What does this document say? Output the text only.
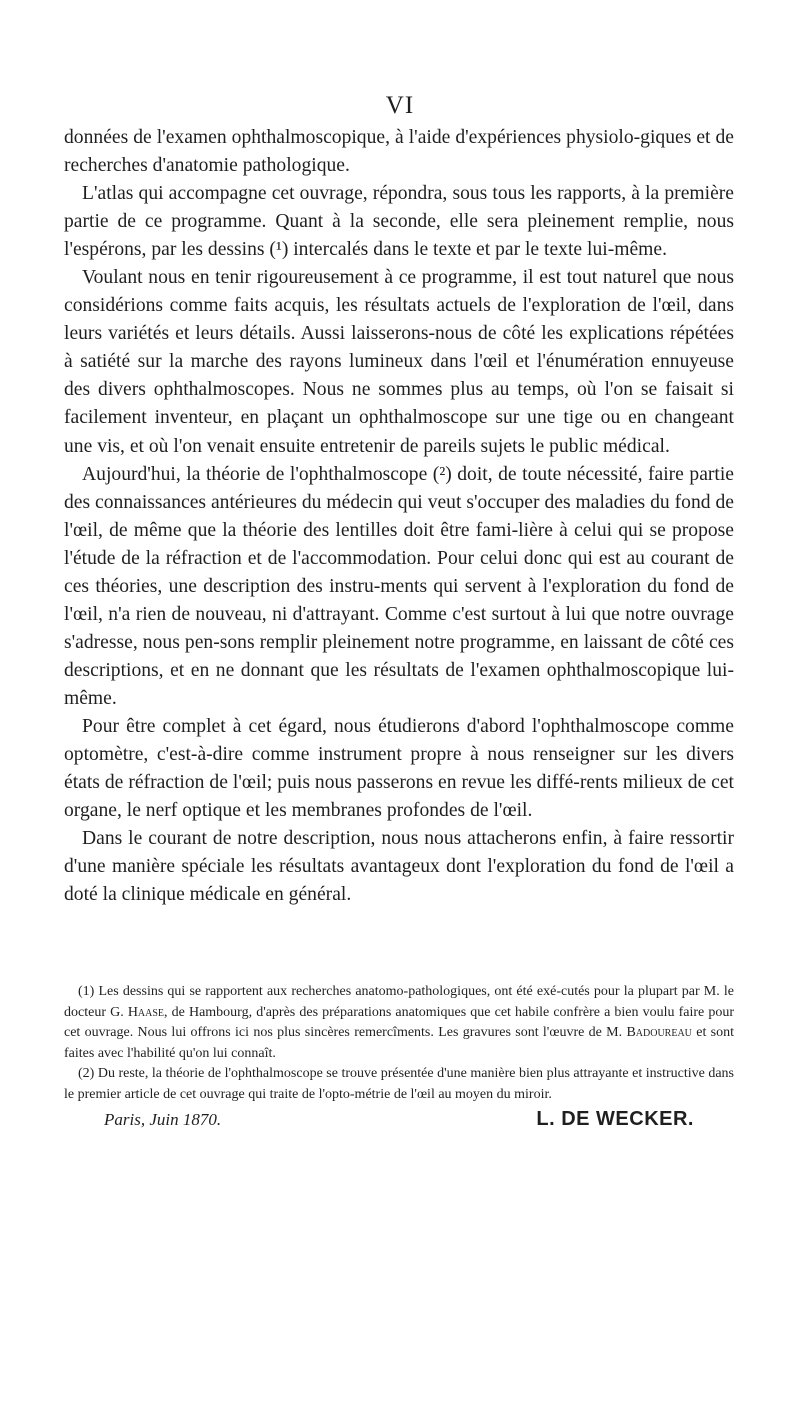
VI

données de l'examen ophthalmoscopique, à l'aide d'expériences physiolo-giques et de recherches d'anatomie pathologique.

L'atlas qui accompagne cet ouvrage, répondra, sous tous les rapports, à la première partie de ce programme. Quant à la seconde, elle sera pleinement remplie, nous l'espérons, par les dessins (¹) intercalés dans le texte et par le texte lui-même.

Voulant nous en tenir rigoureusement à ce programme, il est tout naturel que nous considérions comme faits acquis, les résultats actuels de l'exploration de l'œil, dans leurs variétés et leurs détails. Aussi laisserons-nous de côté les explications répétées à satiété sur la marche des rayons lumineux dans l'œil et l'énumération ennuyeuse des divers ophthalmoscopes. Nous ne sommes plus au temps, où l'on se faisait si facilement inventeur, en plaçant un ophthalmoscope sur une tige ou en changeant une vis, et où l'on venait ensuite entretenir de pareils sujets le public médical.

Aujourd'hui, la théorie de l'ophthalmoscope (²) doit, de toute nécessité, faire partie des connaissances antérieures du médecin qui veut s'occuper des maladies du fond de l'œil, de même que la théorie des lentilles doit être fami-lière à celui qui se propose l'étude de la réfraction et de l'accommodation. Pour celui donc qui est au courant de ces théories, une description des instru-ments qui servent à l'exploration du fond de l'œil, n'a rien de nouveau, ni d'attrayant. Comme c'est surtout à lui que notre ouvrage s'adresse, nous pen-sons remplir pleinement notre programme, en laissant de côté ces descriptions, et en ne donnant que les résultats de l'examen ophthalmoscopique lui-même.

Pour être complet à cet égard, nous étudierons d'abord l'ophthalmoscope comme optomètre, c'est-à-dire comme instrument propre à nous renseigner sur les divers états de réfraction de l'œil; puis nous passerons en revue les diffé-rents milieux de cet organe, le nerf optique et les membranes profondes de l'œil.

Dans le courant de notre description, nous nous attacherons enfin, à faire ressortir d'une manière spéciale les résultats avantageux dont l'exploration du fond de l'œil a doté la clinique médicale en général.

(1) Les dessins qui se rapportent aux recherches anatomo-pathologiques, ont été exé-cutés pour la plupart par M. le docteur G. Haase, de Hambourg, d'après des préparations anatomiques que cet habile confrère a bien voulu faire pour cet ouvrage. Nous lui offrons ici nos plus sincères remercîments. Les gravures sont l'œuvre de M. Badoureau et sont faites avec l'habilité qu'on lui connaît.

(2) Du reste, la théorie de l'ophthalmoscope se trouve présentée d'une manière bien plus attrayante et instructive dans le premier article de cet ouvrage qui traite de l'opto-métrie de l'œil au moyen du miroir.

Paris, Juin 1870.	L. DE WECKER.
